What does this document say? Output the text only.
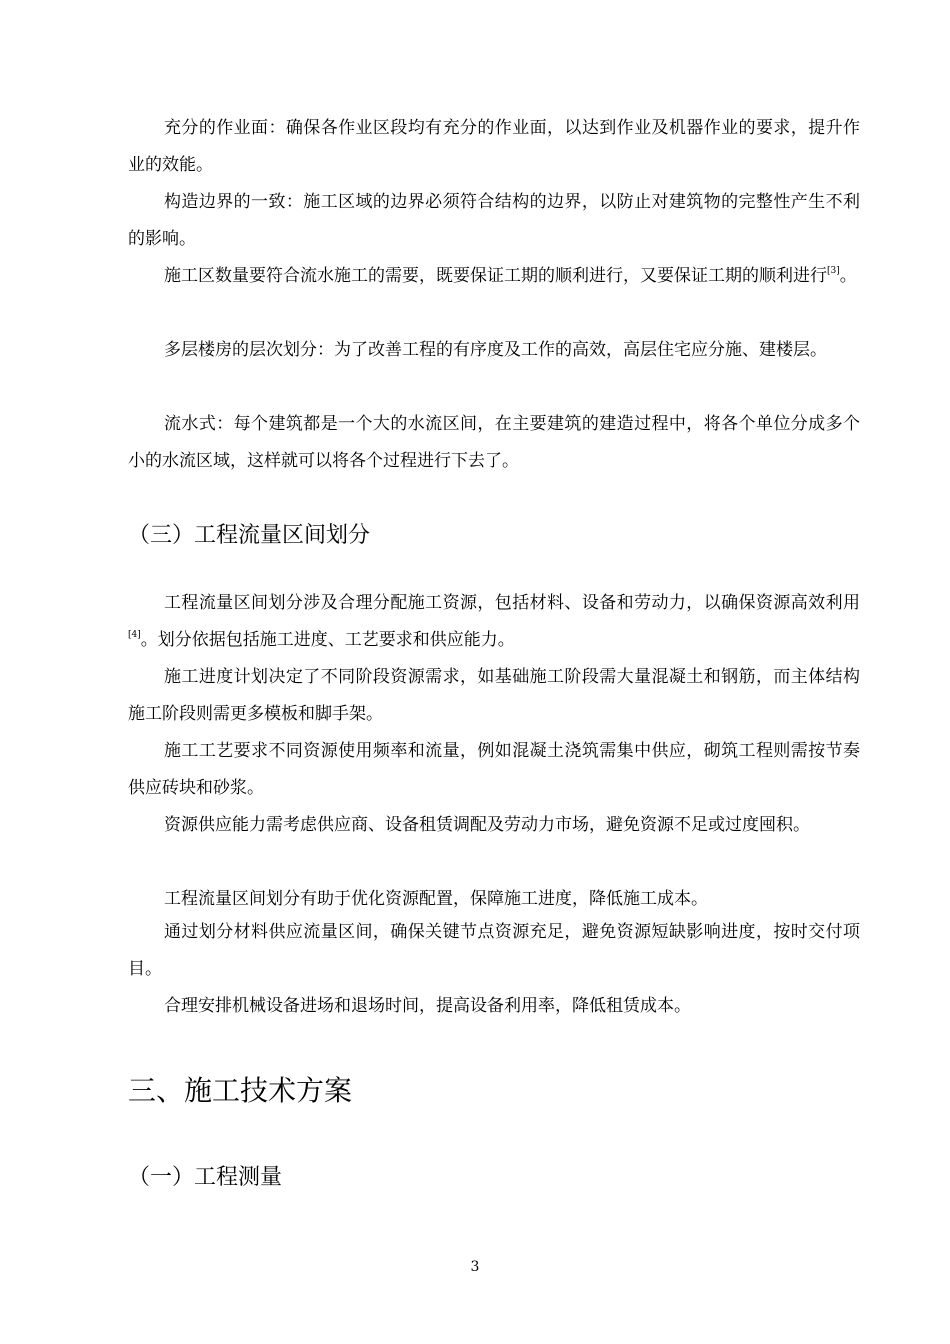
充分的作业面：确保各作业区段均有充分的作业面，以达到作业及机器作业的要求，提升作业的效能。

构造边界的一致：施工区域的边界必须符合结构的边界，以防止对建筑物的完整性产生不利的影响。

施工区数量要符合流水施工的需要，既要保证工期的顺利进行，又要保证工期的顺利进行[3]。

多层楼房的层次划分：为了改善工程的有序度及工作的高效，高层住宅应分施、建楼层。

流水式：每个建筑都是一个大的水流区间，在主要建筑的建造过程中，将各个单位分成多个小的水流区域，这样就可以将各个过程进行下去了。

（三）工程流量区间划分

工程流量区间划分涉及合理分配施工资源，包括材料、设备和劳动力，以确保资源高效利用[4]。划分依据包括施工进度、工艺要求和供应能力。

施工进度计划决定了不同阶段资源需求，如基础施工阶段需大量混凝土和钢筋，而主体结构施工阶段则需更多模板和脚手架。

施工工艺要求不同资源使用频率和流量，例如混凝土浇筑需集中供应，砌筑工程则需按节奏供应砖块和砂浆。

资源供应能力需考虑供应商、设备租赁调配及劳动力市场，避免资源不足或过度囤积。

工程流量区间划分有助于优化资源配置，保障施工进度，降低施工成本。

通过划分材料供应流量区间，确保关键节点资源充足，避免资源短缺影响进度，按时交付项目。

合理安排机械设备进场和退场时间，提高设备利用率，降低租赁成本。

三、施工技术方案
（一）工程测量
3
